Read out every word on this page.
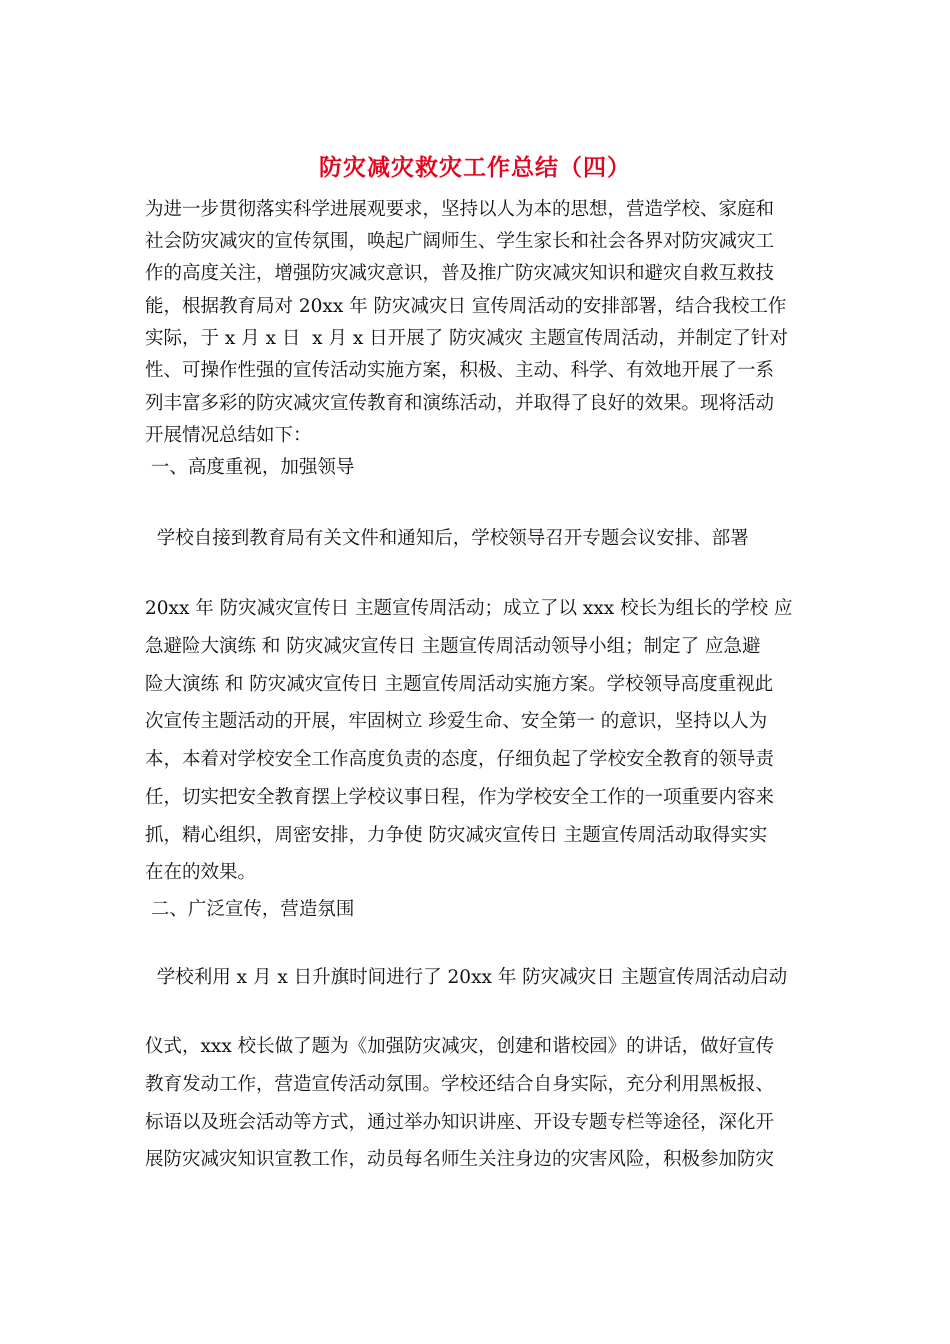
防灾减灾救灾工作总结（四）
为进一步贯彻落实科学进展观要求，坚持以人为本的思想，营造学校、家庭和
社会防灾减灾的宣传氛围，唤起广阔师生、学生家长和社会各界对防灾减灾工
作的高度关注，增强防灾减灾意识，普及推广防灾减灾知识和避灾自救互救技
能，根据教育局对 20xx 年 防灾减灾日 宣传周活动的安排部署，结合我校工作
实际，于 x 月 x 日  x 月 x 日开展了 防灾减灾 主题宣传周活动，并制定了针对
性、可操作性强的宣传活动实施方案，积极、主动、科学、有效地开展了一系
列丰富多彩的防灾减灾宣传教育和演练活动，并取得了良好的效果。现将活动
开展情况总结如下：
一、高度重视，加强领导
学校自接到教育局有关文件和通知后，学校领导召开专题会议安排、部署
20xx 年 防灾减灾宣传日 主题宣传周活动；成立了以 xxx 校长为组长的学校 应
急避险大演练 和 防灾减灾宣传日 主题宣传周活动领导小组；制定了 应急避
险大演练 和 防灾减灾宣传日 主题宣传周活动实施方案。学校领导高度重视此
次宣传主题活动的开展，牢固树立 珍爱生命、安全第一 的意识，坚持以人为
本，本着对学校安全工作高度负责的态度，仔细负起了学校安全教育的领导责
任，切实把安全教育摆上学校议事日程，作为学校安全工作的一项重要内容来
抓，精心组织，周密安排，力争使 防灾减灾宣传日 主题宣传周活动取得实实
在在的效果。
二、广泛宣传，营造氛围
学校利用 x 月 x 日升旗时间进行了 20xx 年 防灾减灾日 主题宣传周活动启动
仪式，xxx 校长做了题为《加强防灾减灾，创建和谐校园》的讲话，做好宣传
教育发动工作，营造宣传活动氛围。学校还结合自身实际，充分利用黑板报、
标语以及班会活动等方式，通过举办知识讲座、开设专题专栏等途径，深化开
展防灾减灾知识宣教工作，动员每名师生关注身边的灾害风险，积极参加防灾
